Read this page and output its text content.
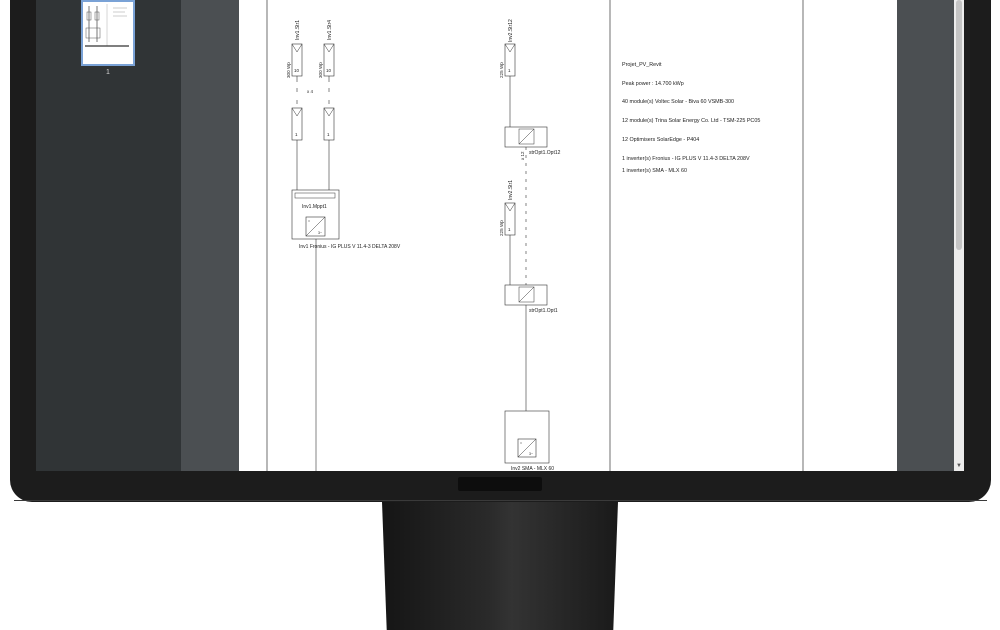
1
Inv1.Str1
10
300 Wp
1
Inv1.Str4
10
300 Wp
1
x 4
Inv1.Mppt1
=
3~
Inv1 Fronius - IG PLUS V 11.4-3 DELTA 208V
Inv2.Str12
1
225 Wp
strOpt1.Opt12
x 12
Inv2.Str1
1
225 Wp
strOpt1.Opt1
=
3~
Inv2 SMA - MLX 60
Projet_PV_Revit
Peak power : 14.700 kWp
40 module(s) Voltec Solar - Biva 60 VSMB-300
12 module(s) Trina Solar Energy Co. Ltd - TSM-225 PC05
12 Optimisers SolarEdge - P404
1 inverter(s) Fronius - IG PLUS V 11.4-3 DELTA 208V
1 inverter(s) SMA - MLX 60
▼
